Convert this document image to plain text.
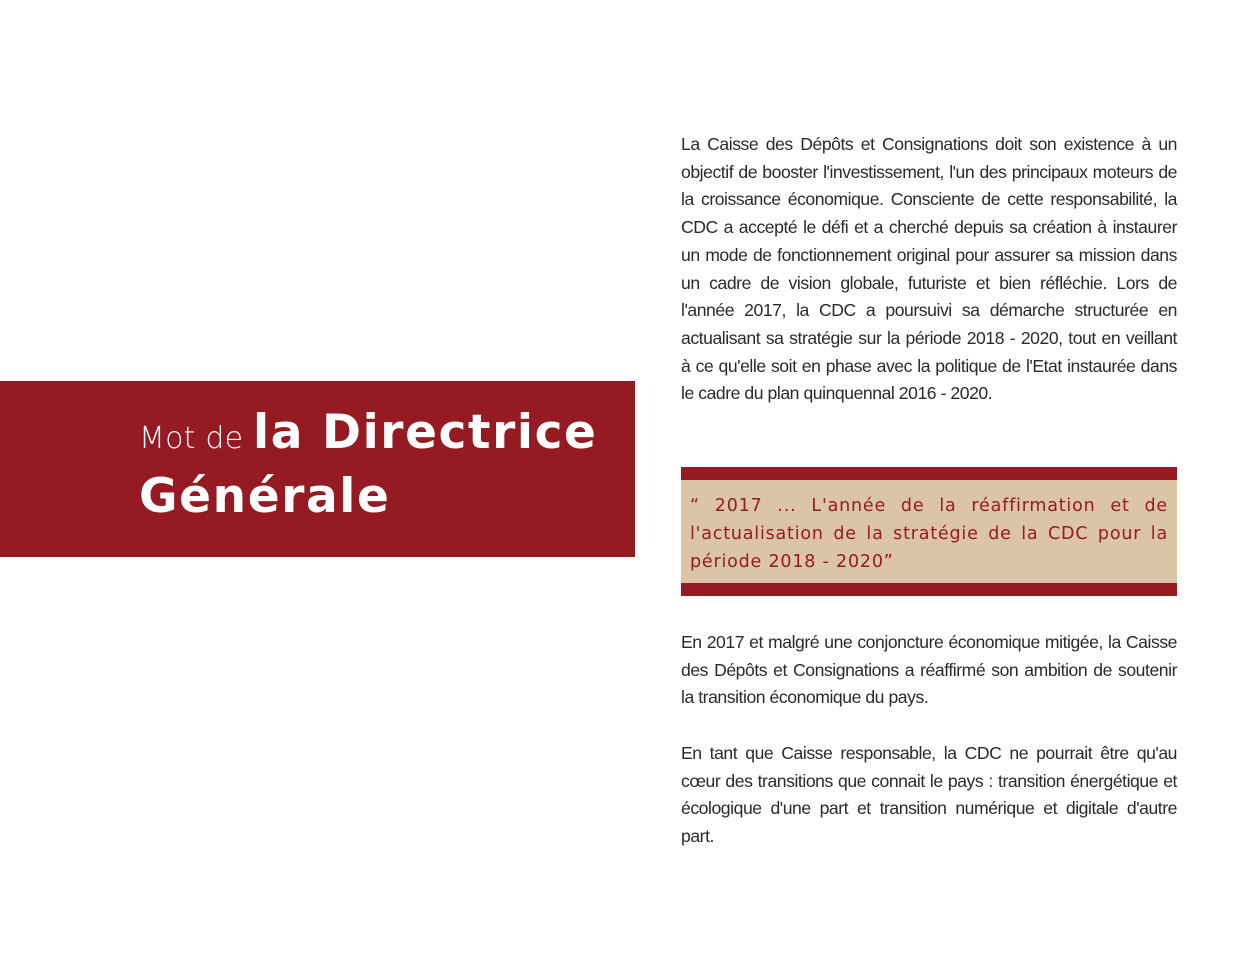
Mot de la Directrice
Générale

La Caisse des Dépôts et Consignations doit son existence à un objectif de booster l'investissement, l'un des principaux moteurs de la croissance économique. Consciente de cette responsabilité, la CDC a accepté le défi et a cherché depuis sa création à instaurer un mode de fonctionnement original pour assurer sa mission dans un cadre de vision globale, futuriste et bien réfléchie. Lors de l'année 2017, la CDC a poursuivi sa démarche structurée en actualisant sa stratégie sur la période 2018 - 2020, tout en veillant à ce qu'elle soit en phase avec la politique de l'Etat instaurée dans le cadre du plan quinquennal 2016 - 2020.

“ 2017 ... L'année de la réaffirmation et de l'actualisation de la stratégie de la CDC pour la période 2018 - 2020”

En 2017 et malgré une conjoncture économique mitigée, la Caisse des Dépôts et Consignations a réaffirmé son ambition de soutenir la transition économique du pays.

En tant que Caisse responsable, la CDC ne pourrait être qu'au cœur des transitions que connait le pays : transition énergétique et écologique d'une part et transition numérique et digitale d'autre part.
